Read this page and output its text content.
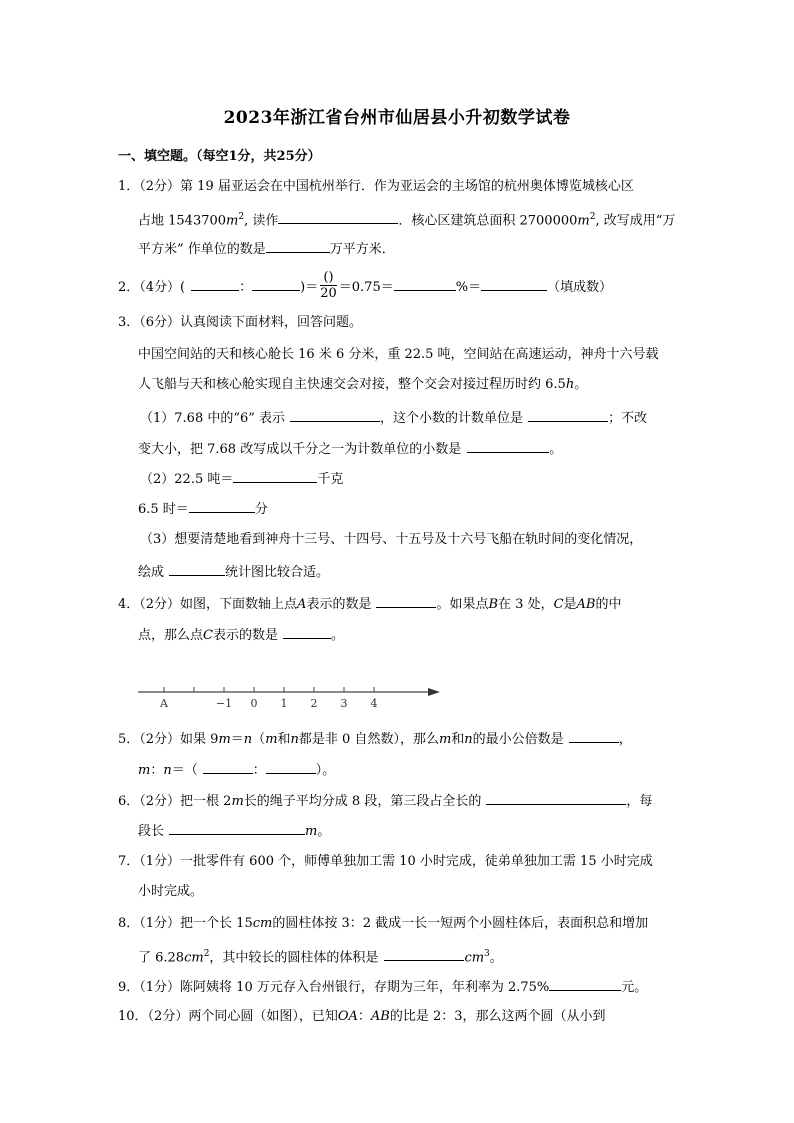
2023年浙江省台州市仙居县小升初数学试卷
一、填空题。（每空1分，共25分）
1．（2分）第 19 届亚运会在中国杭州举行．作为亚运会的主场馆的杭州奥体博览城核心区
占地 $1543700m^2$, 读作	．核心区建筑总面积 $2700000m^2$, 改写成用“万
平方米” 作单位的数是	万平方米．
2．（4分）(	：	)＝ $\frac{()}{20} =0.75=$	%＝	（填成数）
3．（6分）认真阅读下面材料，回答问题。
中国空间站的天和核心舱长 16 米 6 分米，重 22.5 吨，空间站在高速运动，神舟十六号载
人飞船与天和核心舱实现自主快速交会对接，整个交会对接过程历时约 6.5h。
（1）7.68 中的“6” 表示	，这个小数的计数单位是	；不改
变大小，把 7.68 改写成以千分之一为计数单位的小数是	。
（2）22.5 吨＝	千克
6.5 时＝	分
（3）想要清楚地看到神舟十三号、十四号、十五号及十六号飞船在轨时间的变化情况，
绘成	统计图比较合适。
4．（2分）如图，下面数轴上点A表示的数是	。如果点B在 3 处，C是AB的中
点，那么点C表示的数是	。
A	−1 0 1 2 3 4
5．（2分）如果 9m＝n（m和n都是非 0 自然数），那么m和n的最小公倍数是	，
m：n＝（	：	）。
6．（2分）把一根 2m长的绳子平均分成 8 段，第三段占全长的	，每
段长	m。
7．（1分）一批零件有 600 个，师傅单独加工需 10 小时完成，徒弟单独加工需 15 小时完成
小时完成。
8．（1分）把一个长 15cm的圆柱体按 3：2 截成一长一短两个小圆柱体后，表面积总和增加
了 $6.28cm^2$，其中较长的圆柱体的体积是	$cm^3$。
9．（1分）陈阿姨将 10 万元存入台州银行，存期为三年，年利率为 2.75%	元。
10．（2分）两个同心圆（如图），已知OA：AB的比是 2：3，那么这两个圆（从小到
